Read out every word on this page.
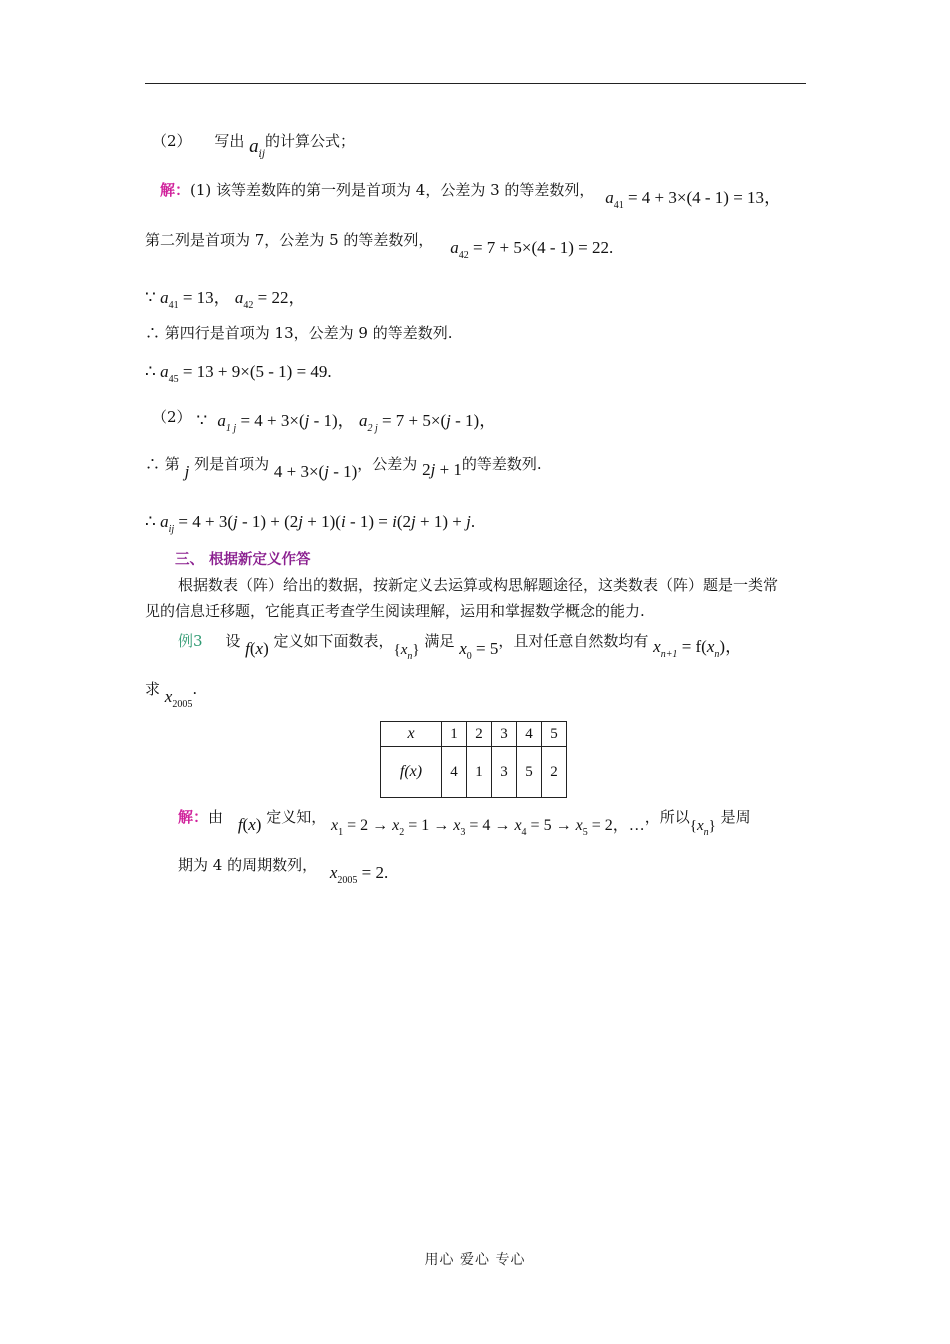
（2） 写出 $a_{ij}$的计算公式；
解：(1) 该等差数阵的第一列是首项为 4，公差为 3 的等差数列， $a_{41} = 4 + 3\times(4 - 1) = 13$，
第二列是首项为 7，公差为 5 的等差数列， $a_{42} = 7 + 5\times(4 - 1) = 22$.
∵ $a_{41} = 13$， $a_{42} = 22$，
∴ 第四行是首项为 13，公差为 9 的等差数列.
∴ $a_{45} = 13 + 9\times(5 - 1) = 49$.
（2） ∵ $a_{1 j} = 4 + 3\times(j - 1)$， $a_{2 j} = 7 + 5\times(j - 1)$，
∴ 第 j 列是首项为 4 + 3×(j - 1)，公差为 2j + 1的等差数列.
∴ $a_{ij} = 4 + 3(j - 1) + (2j + 1)(i - 1) = i(2j + 1) + j$.
三、 根据新定义作答
根据数表（阵）给出的数据，按新定义去运算或构思解题途径，这类数表（阵）题是一类常
见的信息迁移题，它能真正考查学生阅读理解，运用和掌握数学概念的能力.
例3 设 f(x) 定义如下面数表，$\{x_n\}$ 满足 $x_0 = 5$，且对任意自然数均有 $x_{n+1} = f(x_n)$，
求 $x_{2005}$.
x	1	2	3	4	5
f(x)	4	1	3	5	2
解：由 f(x) 定义知， $x_1 = 2 \to x_2 = 1 \to x_3 = 4 \to x_4 = 5 \to x_5 = 2$，…，所以$\{x_n\}$ 是周
期为 4 的周期数列， $x_{2005} = 2$.
用心 爱心 专心
